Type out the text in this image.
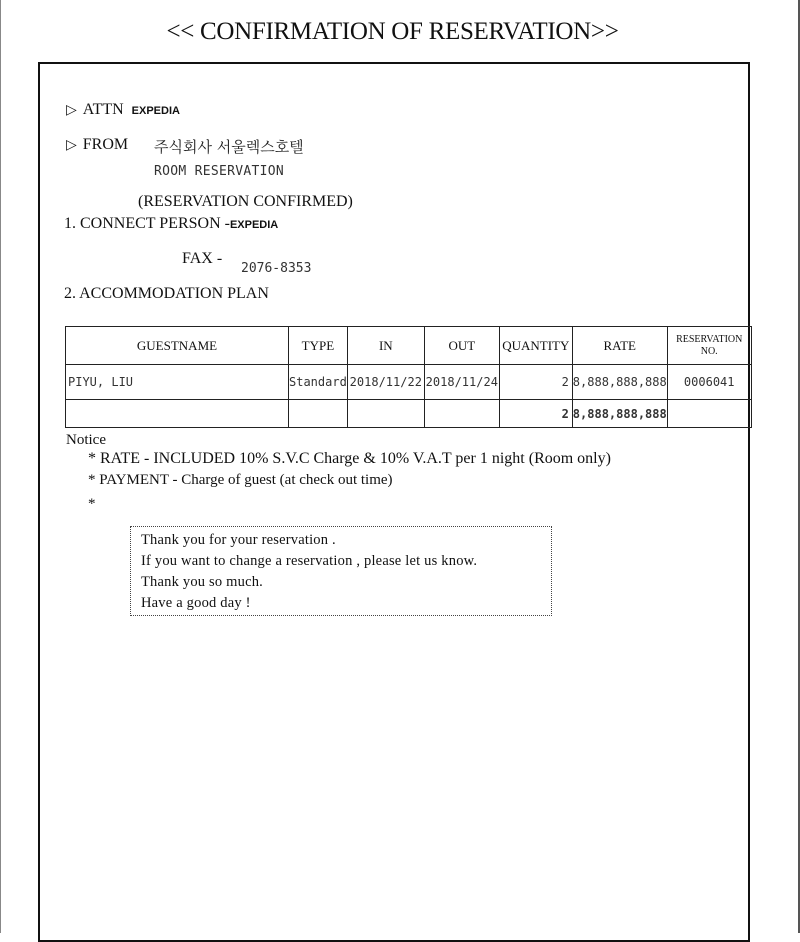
<< CONFIRMATION OF RESERVATION>>
▷ ATTN EXPEDIA
▷ FROM 주식회사 서울렉스호텔
ROOM RESERVATION
(RESERVATION CONFIRMED)
1. CONNECT PERSON -EXPEDIA
FAX -
2076-8353
2. ACCOMMODATION PLAN
GUESTNAME	TYPE	IN	OUT	QUANTITY	RATE	RESERVATION NO.
PIYU, LIU	Standard	2018/11/22	2018/11/24	2	8,888,888,888	0006041
				2	8,888,888,888	
Notice
* RATE - INCLUDED 10% S.V.C Charge & 10% V.A.T per 1 night (Room only)
* PAYMENT - Charge of guest (at check out time)
*
Thank you for your reservation .
If you want to change a reservation , please let us know.
Thank you so much.
Have a good day !
